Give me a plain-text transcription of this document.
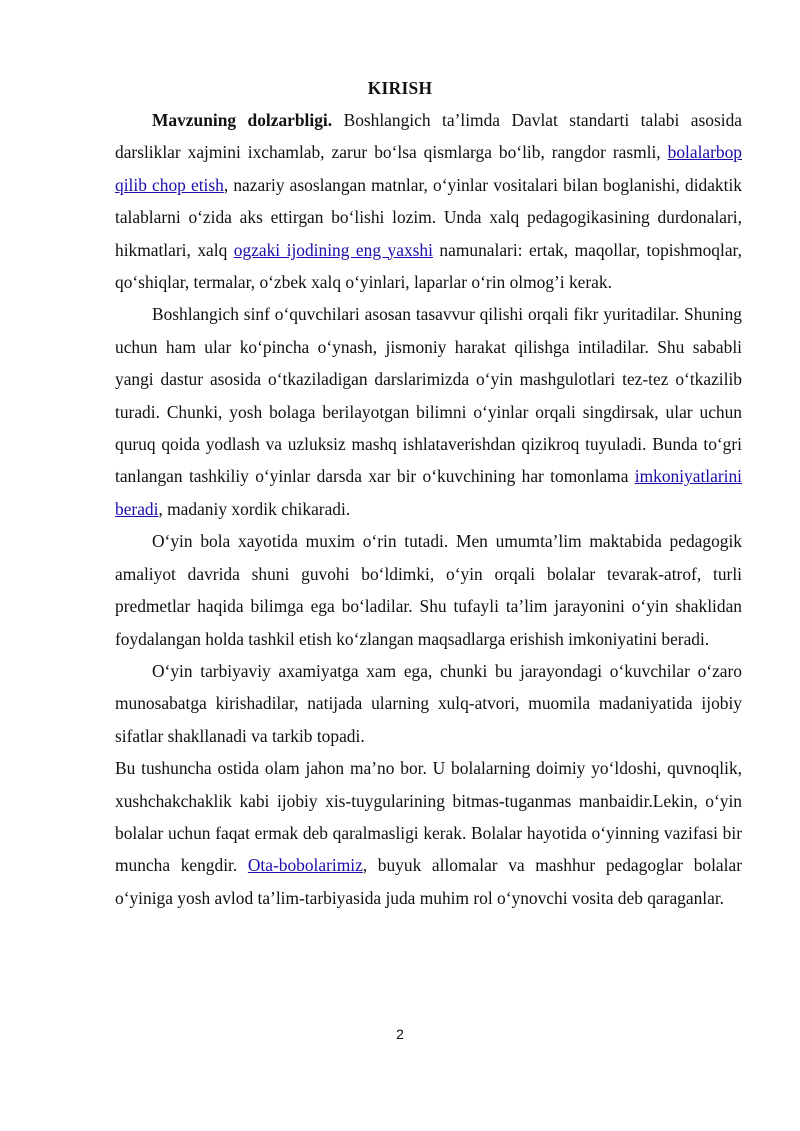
KIRISH

Mavzuning dolzarbligi. Boshlangich ta’limda Davlat standarti talabi asosida darsliklar xajmini ixchamlab, zarur bo‘lsa qismlarga bo‘lib, rangdor rasmli, bolalarbop qilib chop etish, nazariy asoslangan matnlar, o‘yinlar vositalari bilan boglanishi, didaktik talablarni o‘zida aks ettirgan bo‘lishi lozim. Unda xalq pedagogikasining durdonalari, hikmatlari, xalq ogzaki ijodining eng yaxshi namunalari: ertak, maqollar, topishmoqlar, qo‘shiqlar, termalar, o‘zbek xalq o‘yinlari, laparlar o‘rin olmog’i kerak.

Boshlangich sinf o‘quvchilari asosan tasavvur qilishi orqali fikr yuritadilar. Shuning uchun ham ular ko‘pincha o‘ynash, jismoniy harakat qilishga intiladilar. Shu sababli yangi dastur asosida o‘tkaziladigan darslarimizda o‘yin mashgulotlari tez-tez o‘tkazilib turadi. Chunki, yosh bolaga berilayotgan bilimni o‘yinlar orqali singdirsak, ular uchun quruq qoida yodlash va uzluksiz mashq ishlataverishdan qizikroq tuyuladi. Bunda to‘gri tanlangan tashkiliy o‘yinlar darsda xar bir o‘kuvchining har tomonlama imkoniyatlarini beradi, madaniy xordik chikaradi.

O‘yin bola xayotida muxim o‘rin tutadi. Men umumta’lim maktabida pedagogik amaliyot davrida shuni guvohi bo‘ldimki, o‘yin orqali bolalar tevarak-atrof, turli predmetlar haqida bilimga ega bo‘ladilar. Shu tufayli ta’lim jarayonini o‘yin shaklidan foydalangan holda tashkil etish ko‘zlangan maqsadlarga erishish imkoniyatini beradi.

O‘yin tarbiyaviy axamiyatga xam ega, chunki bu jarayondagi o‘kuvchilar o‘zaro munosabatga kirishadilar, natijada ularning xulq-atvori, muomila madaniyatida ijobiy sifatlar shakllanadi va tarkib topadi.
Bu tushuncha ostida olam jahon ma’no bor. U bolalarning doimiy yo‘ldoshi, quvnoqlik, xushchakchaklik kabi ijobiy xis-tuygularining bitmas-tuganmas manbaidir.Lekin, o‘yin bolalar uchun faqat ermak deb qaralmasligi kerak. Bolalar hayotida o‘yinning vazifasi bir muncha kengdir. Ota-bobolarimiz, buyuk allomalar va mashhur pedagoglar bolalar o‘yiniga yosh avlod ta’lim-tarbiyasida juda muhim rol o‘ynovchi vosita deb qaraganlar.

2
